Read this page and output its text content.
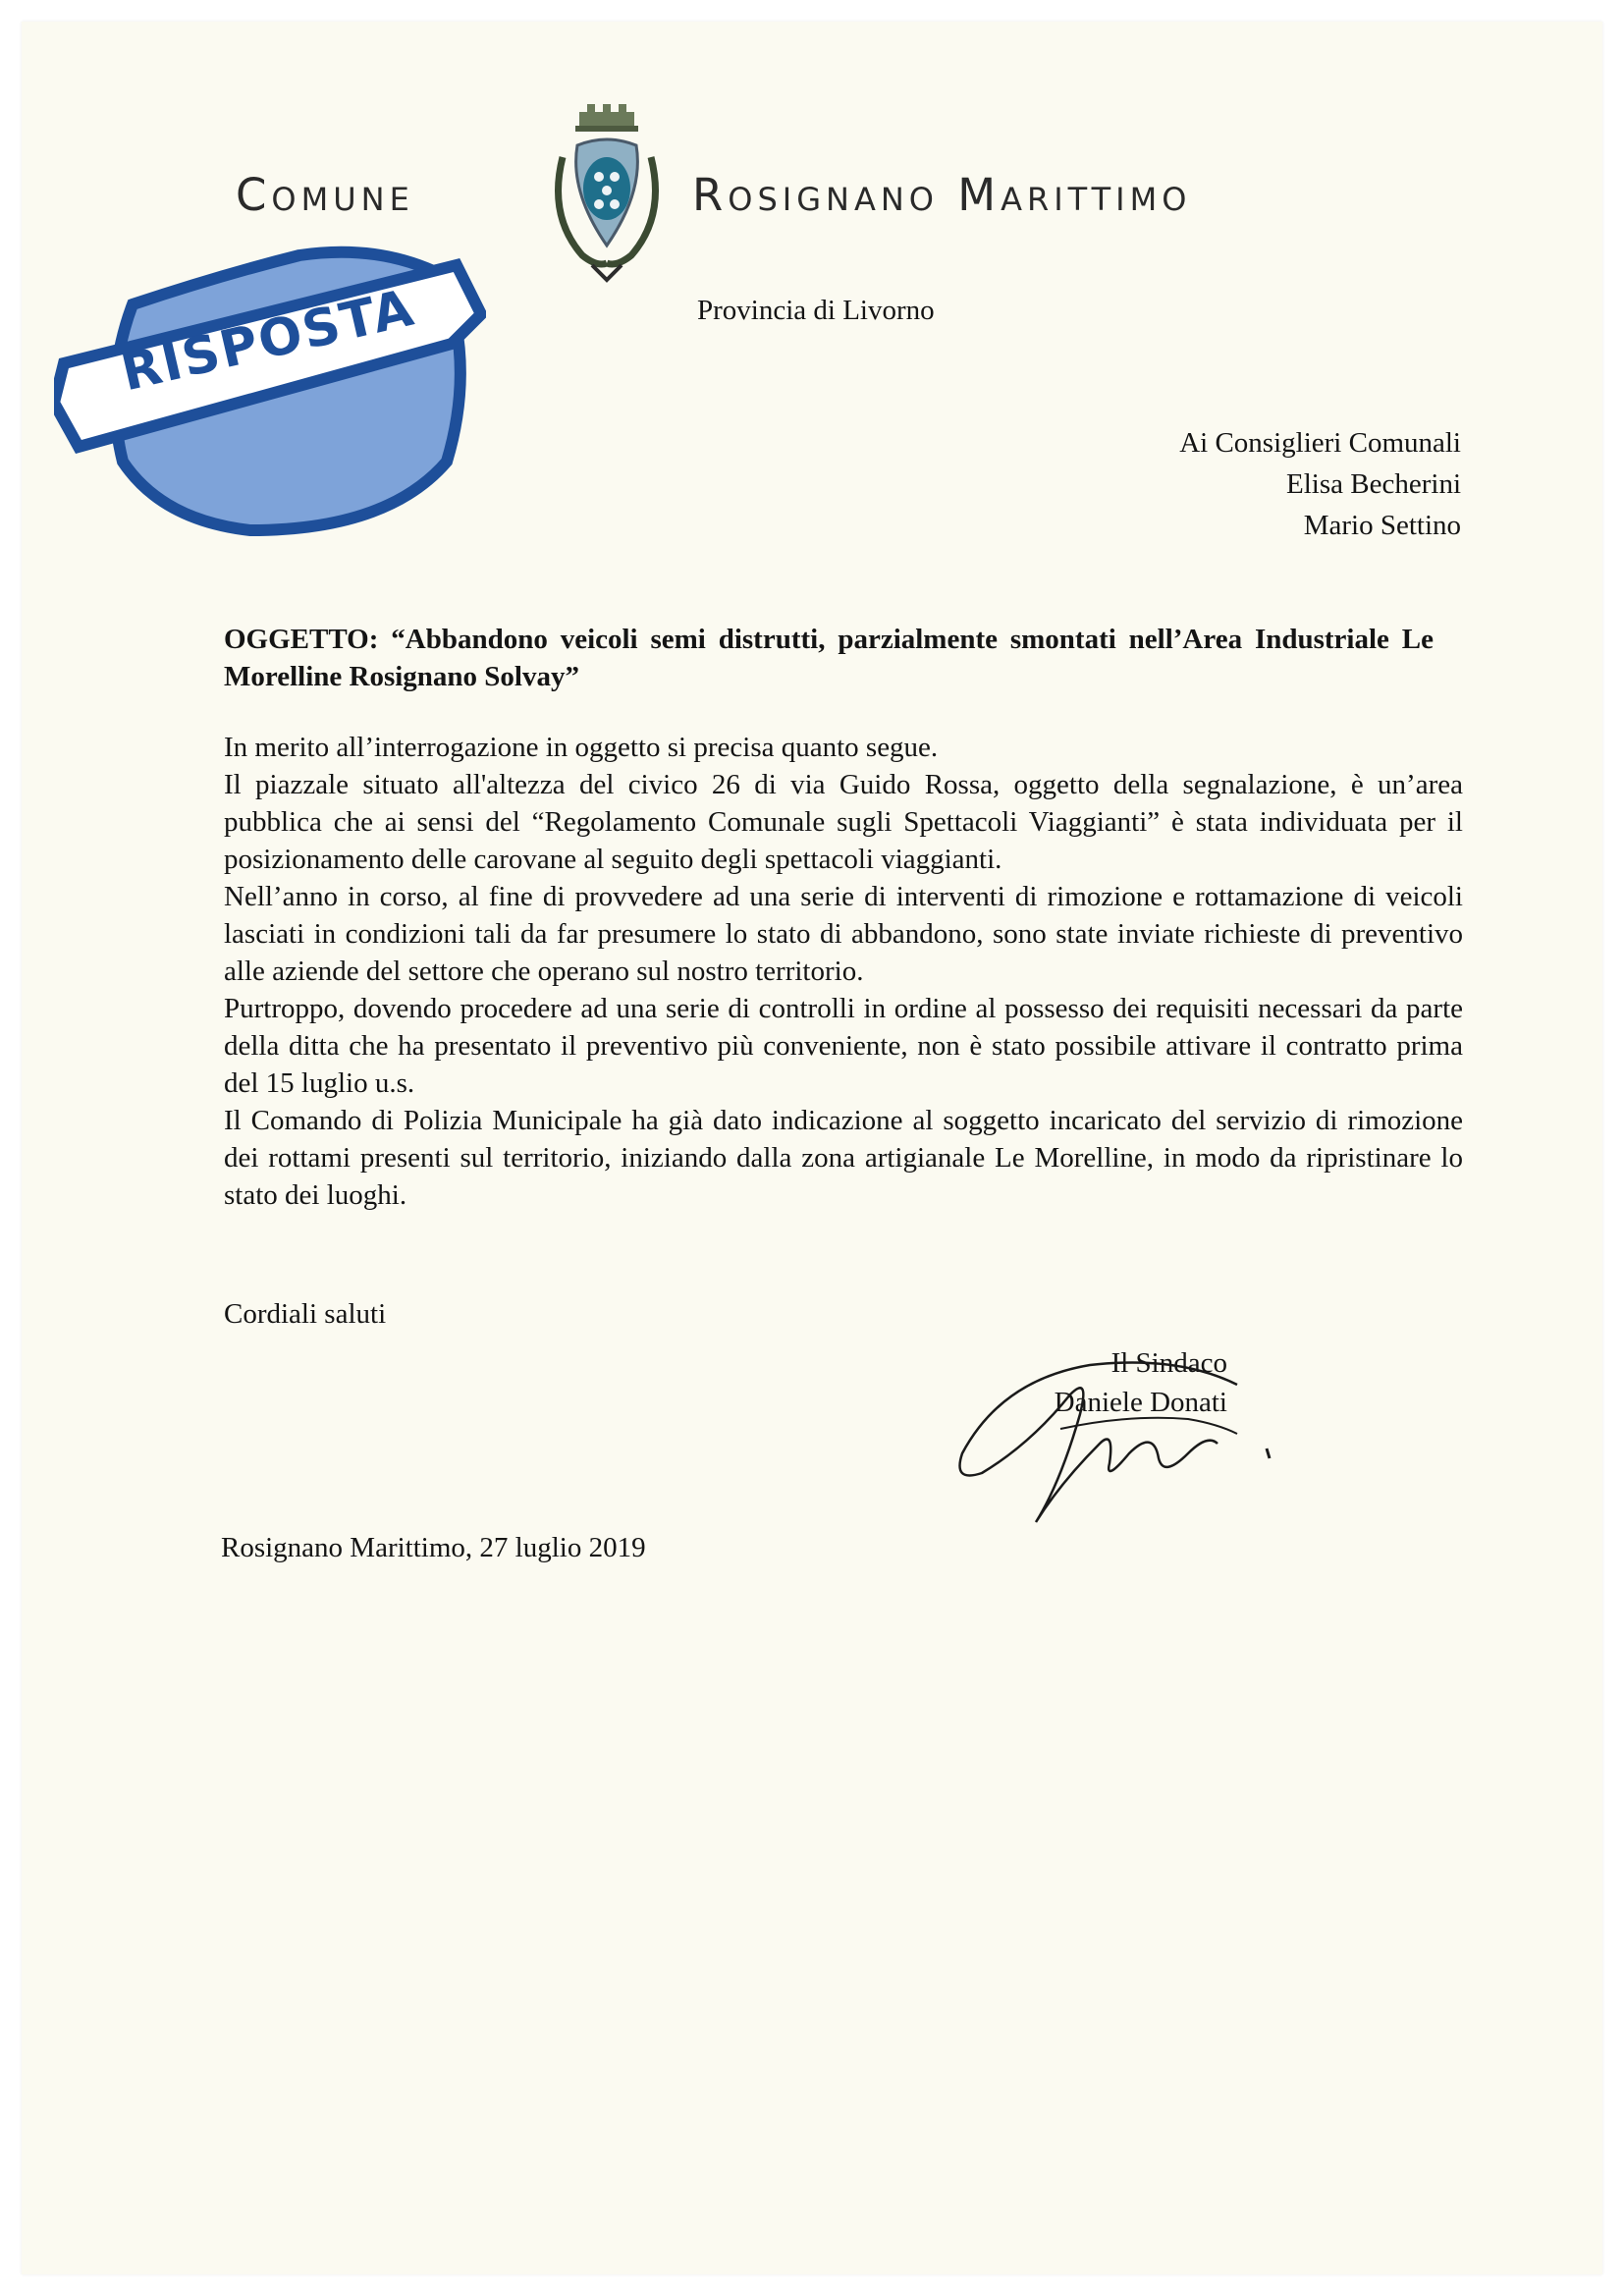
Comune	Rosignano Marittimo
Provincia di Livorno
RISPOSTA
Ai Consiglieri Comunali
Elisa Becherini
Mario Settino
OGGETTO: “Abbandono veicoli semi distrutti, parzialmente smontati nell’Area Industriale Le Morelline Rosignano Solvay”

In merito all’interrogazione in oggetto si precisa quanto segue.

Il piazzale situato all'altezza del civico 26 di via Guido Rossa, oggetto della segnalazione, è un’area pubblica che ai sensi del “Regolamento Comunale sugli Spettacoli Viaggianti” è stata individuata per il posizionamento delle carovane al seguito degli spettacoli viaggianti.

Nell’anno in corso, al fine di provvedere ad una serie di interventi di rimozione e rottamazione di veicoli lasciati in condizioni tali da far presumere lo stato di abbandono, sono state inviate richieste di preventivo alle aziende del settore che operano sul nostro territorio.

Purtroppo, dovendo procedere ad una serie di controlli in ordine al possesso dei requisiti necessari da parte della ditta che ha presentato il preventivo più conveniente, non è stato possibile attivare il contratto prima del 15 luglio u.s.

Il Comando di Polizia Municipale ha già dato indicazione al soggetto incaricato del servizio di rimozione dei rottami presenti sul territorio, iniziando dalla zona artigianale Le Morelline, in modo da ripristinare lo stato dei luoghi.

Cordiali saluti
Il Sindaco
Daniele Donati
Rosignano Marittimo, 27 luglio 2019
